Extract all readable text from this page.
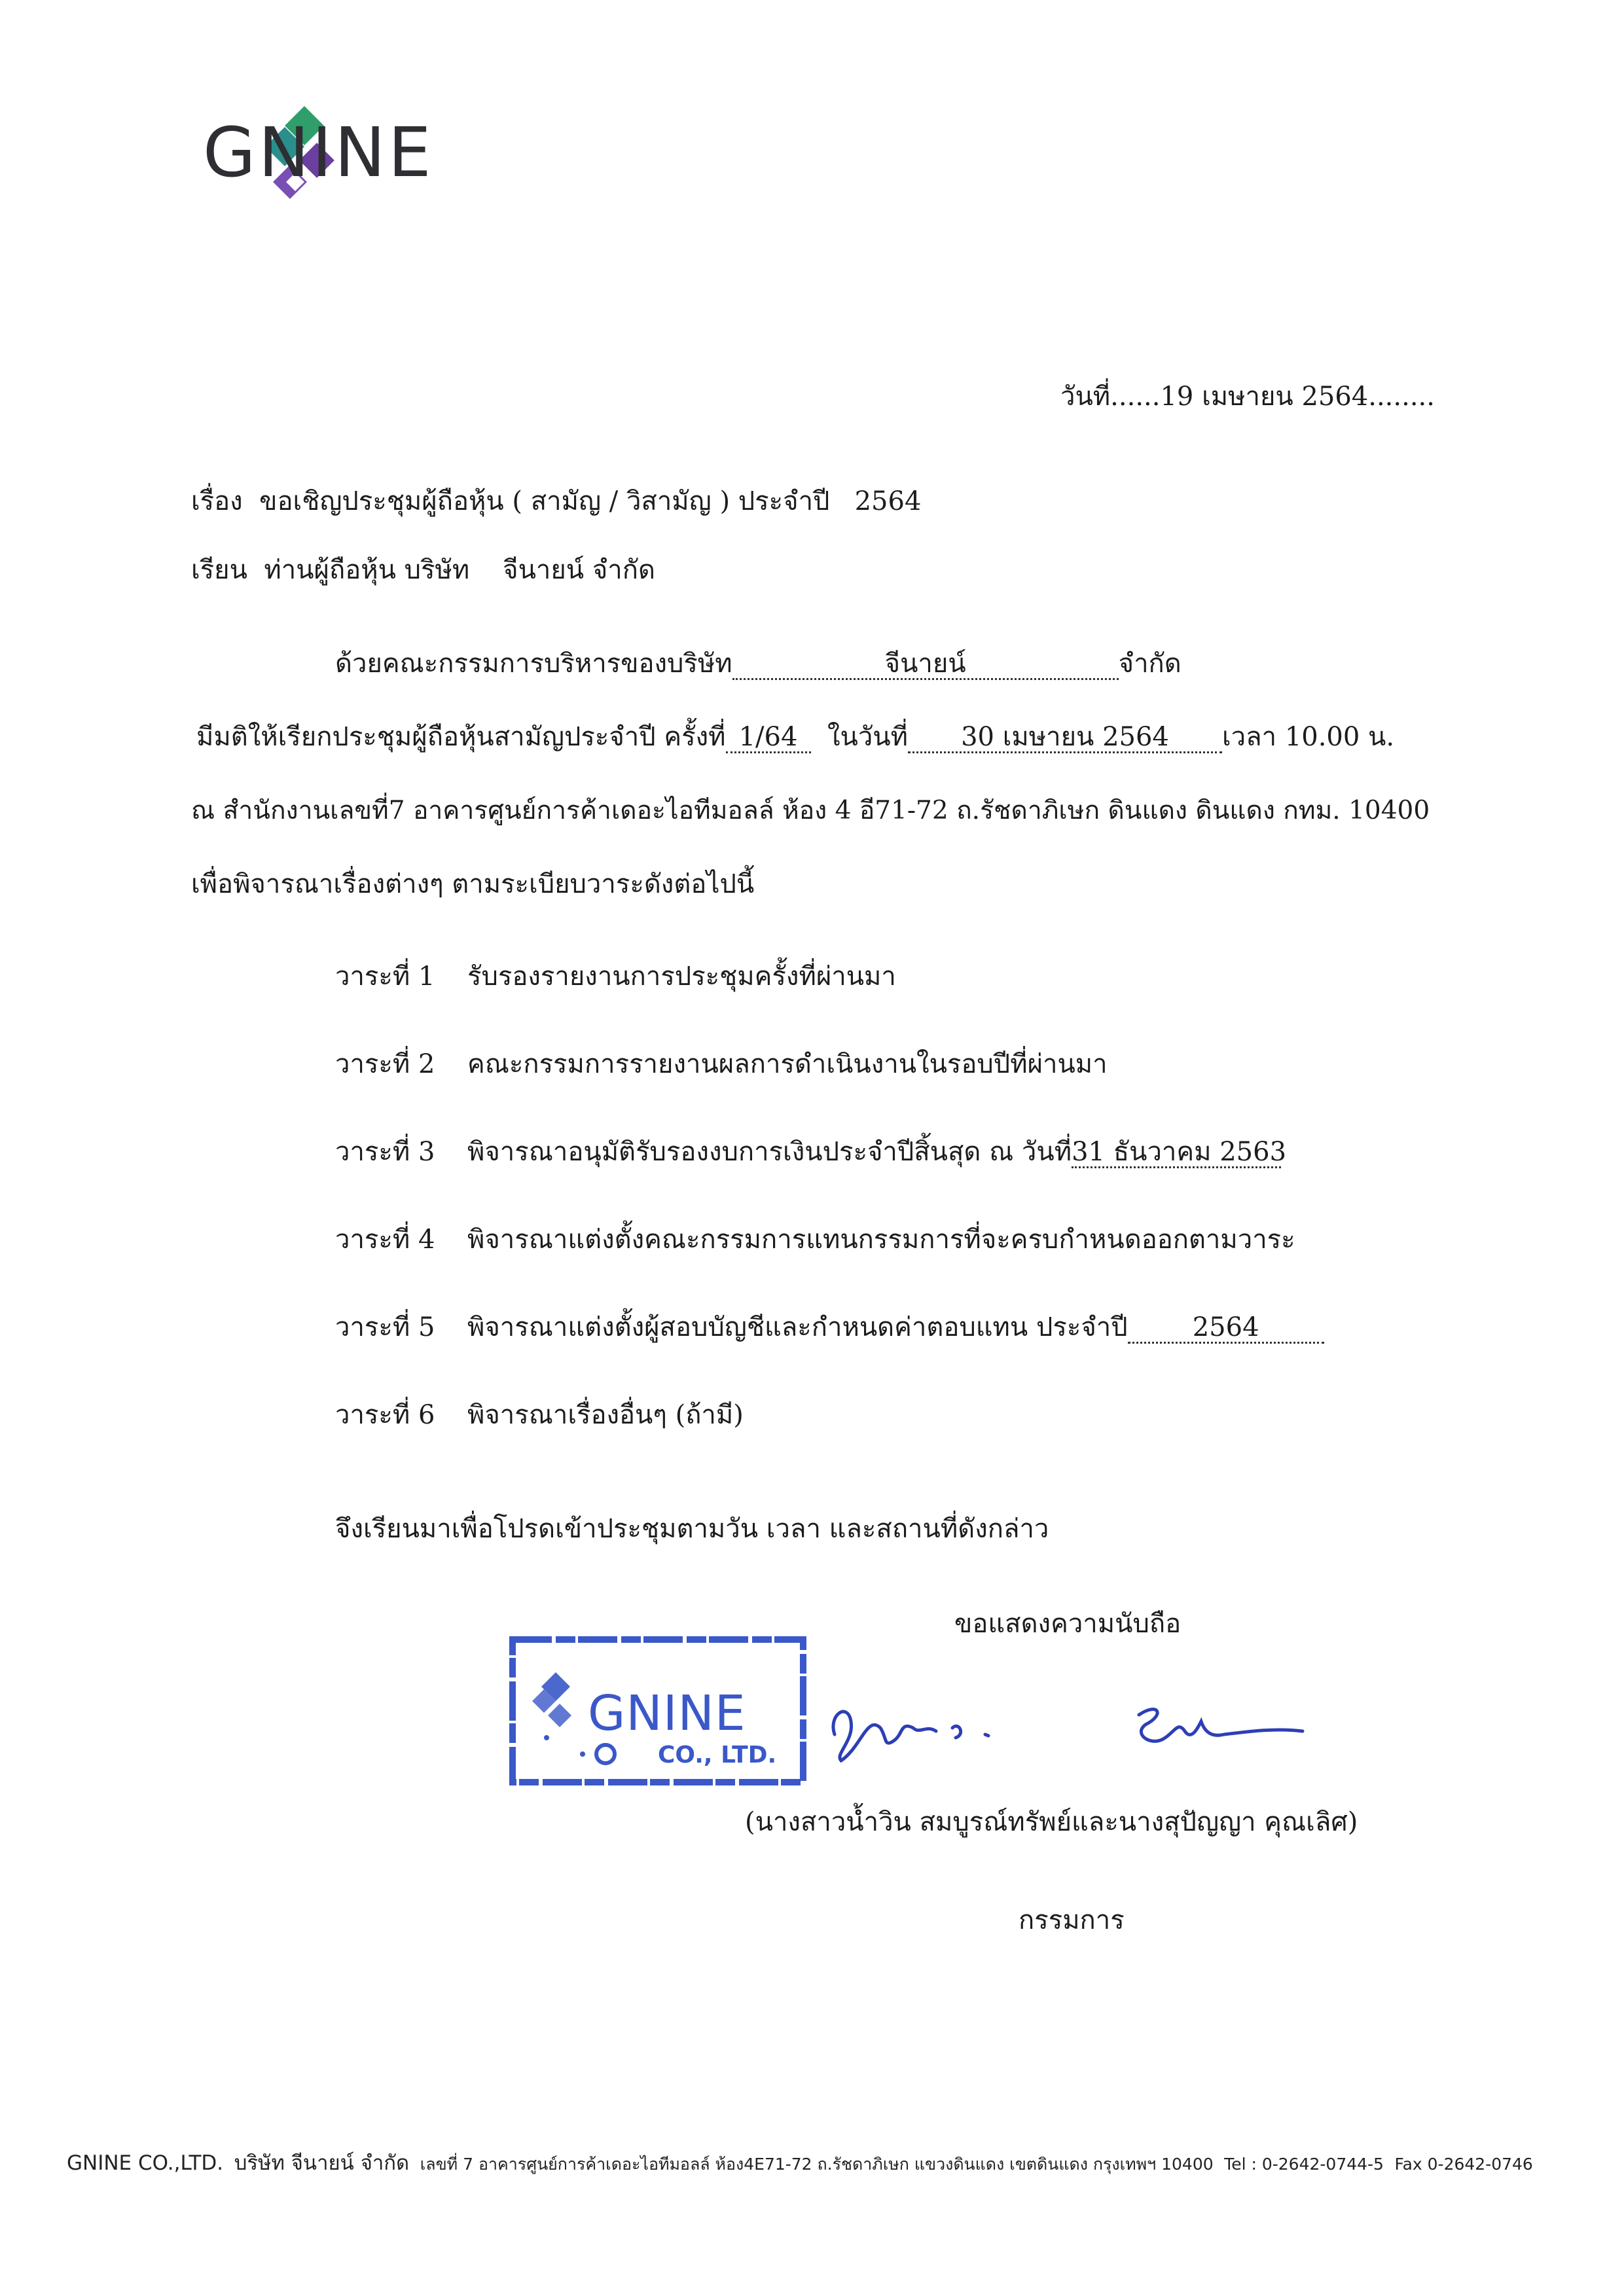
GNINE
วันที่......19 เมษายน 2564........
เรื่อง ขอเชิญประชุมผู้ถือหุ้น ( สามัญ / วิสามัญ ) ประจำปี 2564
เรียน ท่านผู้ถือหุ้น บริษัท จีนายน์ จำกัด
ด้วยคณะกรรมการบริหารของบริษัท	จีนายน์	จำกัด
มีมติให้เรียกประชุมผู้ถือหุ้นสามัญประจำปี ครั้งที่ 1/64 ในวันที่ 30 เมษายน 2564 เวลา 10.00 น.
ณ สำนักงานเลขที่7 อาคารศูนย์การค้าเดอะไอทีมอลล์ ห้อง 4 อี71-72 ถ.รัชดาภิเษก ดินแดง ดินแดง กทม. 10400
เพื่อพิจารณาเรื่องต่างๆ ตามระเบียบวาระดังต่อไปนี้
วาระที่ 1 รับรองรายงานการประชุมครั้งที่ผ่านมา
วาระที่ 2 คณะกรรมการรายงานผลการดำเนินงานในรอบปีที่ผ่านมา
วาระที่ 3 พิจารณาอนุมัติรับรองงบการเงินประจำปีสิ้นสุด ณ วันที่31 ธันวาคม 2563
วาระที่ 4 พิจารณาแต่งตั้งคณะกรรมการแทนกรรมการที่จะครบกำหนดออกตามวาระ
วาระที่ 5 พิจารณาแต่งตั้งผู้สอบบัญชีและกำหนดค่าตอบแทน ประจำปี 2564
วาระที่ 6 พิจารณาเรื่องอื่นๆ (ถ้ามี)
จึงเรียนมาเพื่อโปรดเข้าประชุมตามวัน เวลา และสถานที่ดังกล่าว
ขอแสดงความนับถือ
GNINE
CO., LTD.
(นางสาวน้ำวิน สมบูรณ์ทรัพย์และนางสุปัญญา คุณเลิศ)
กรรมการ
GNINE CO.,LTD. บริษัท จีนายน์ จำกัด เลขที่ 7 อาคารศูนย์การค้าเดอะไอทีมอลล์ ห้อง4E71-72 ถ.รัชดาภิเษก แขวงดินแดง เขตดินแดง กรุงเทพฯ 10400 Tel : 0-2642-0744-5 Fax 0-2642-0746
